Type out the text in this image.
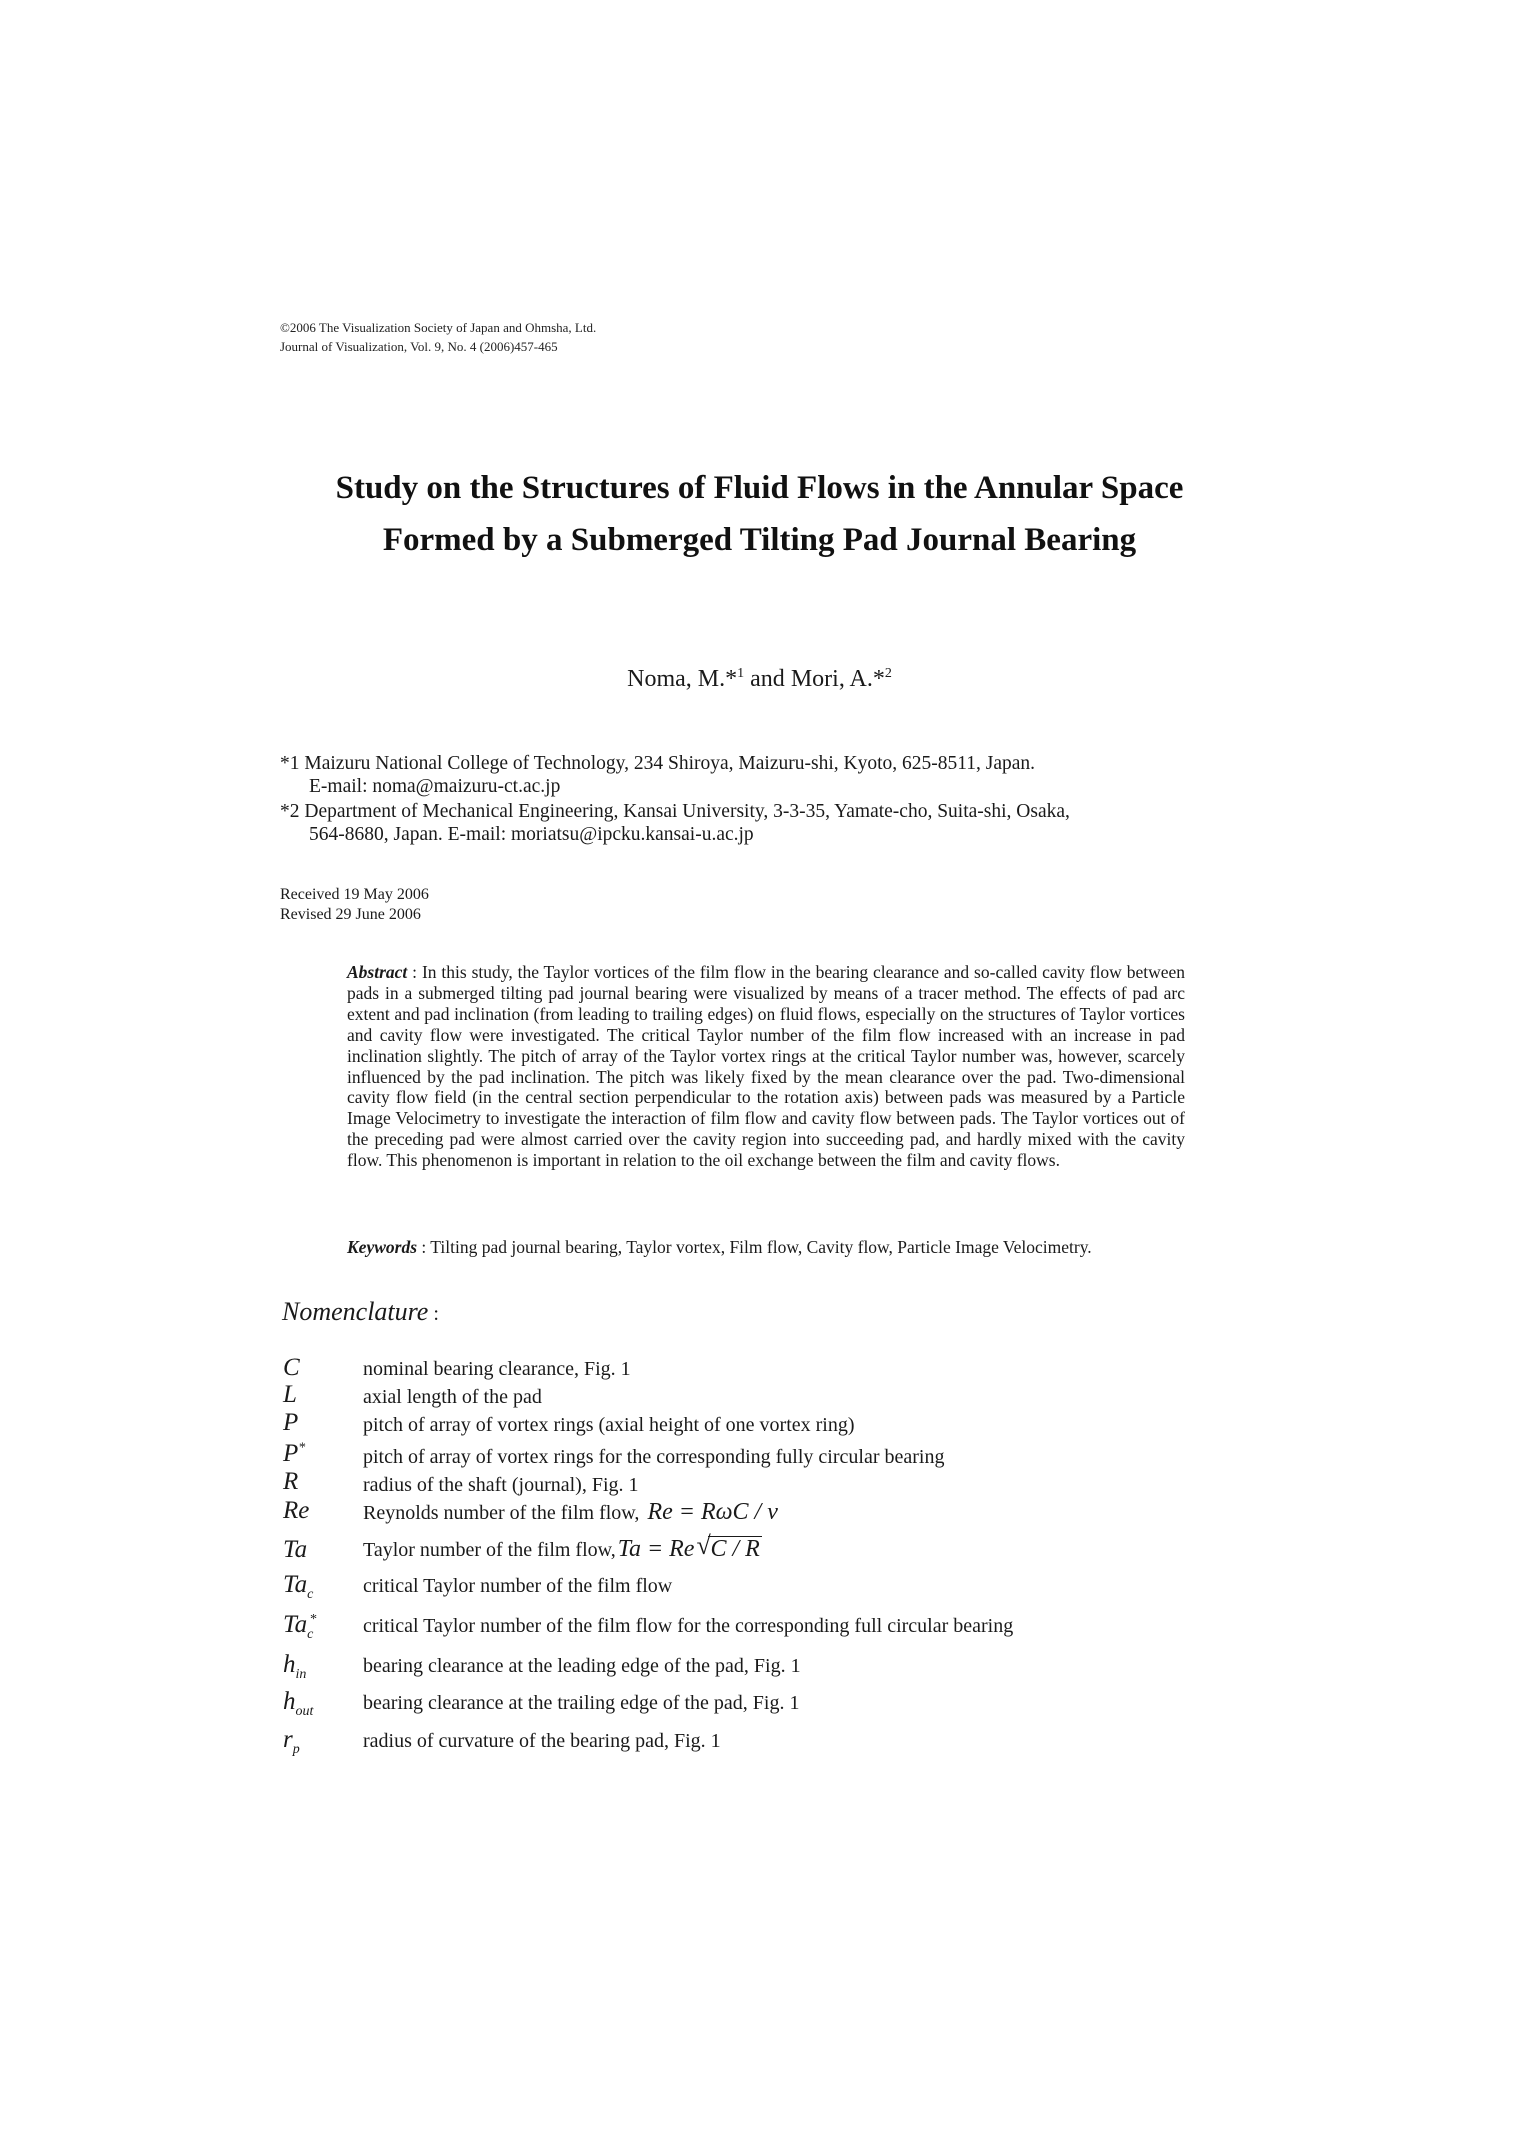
©2006 The Visualization Society of Japan and Ohmsha, Ltd.
Journal of Visualization, Vol. 9, No. 4 (2006)457-465
Study on the Structures of Fluid Flows in the Annular Space
Formed by a Submerged Tilting Pad Journal Bearing
Noma, M.*$^1$ and Mori, A.*$^2$
*1 Maizuru National College of Technology, 234 Shiroya, Maizuru-shi, Kyoto, 625-8511, Japan.
E-mail: noma@maizuru-ct.ac.jp
*2 Department of Mechanical Engineering, Kansai University, 3-3-35, Yamate-cho, Suita-shi, Osaka,
564-8680, Japan. E-mail: moriatsu@ipcku.kansai-u.ac.jp
Received 19 May 2006
Revised 29 June 2006
Abstract : In this study, the Taylor vortices of the film flow in the bearing clearance and so-called cavity flow between pads in a submerged tilting pad journal bearing were visualized by means of a tracer method. The effects of pad arc extent and pad inclination (from leading to trailing edges) on fluid flows, especially on the structures of Taylor vortices and cavity flow were investigated. The critical Taylor number of the film flow increased with an increase in pad inclination slightly. The pitch of array of the Taylor vortex rings at the critical Taylor number was, however, scarcely influenced by the pad inclination. The pitch was likely fixed by the mean clearance over the pad. Two-dimensional cavity flow field (in the central section perpendicular to the rotation axis) between pads was measured by a Particle Image Velocimetry to investigate the interaction of film flow and cavity flow between pads. The Taylor vortices out of the preceding pad were almost carried over the cavity region into succeeding pad, and hardly mixed with the cavity flow. This phenomenon is important in relation to the oil exchange between the film and cavity flows.
Keywords : Tilting pad journal bearing, Taylor vortex, Film flow, Cavity flow, Particle Image Velocimetry.
Nomenclature :
C	nominal bearing clearance, Fig. 1
L	axial length of the pad
P	pitch of array of vortex rings (axial height of one vortex ring)
P*	pitch of array of vortex rings for the corresponding fully circular bearing
R	radius of the shaft (journal), Fig. 1
Re	Reynolds number of the film flow, Re = RωC / ν
Ta	Taylor number of the film flow,Ta = Re √ C / R
$Ta_c$ critical Taylor number of the film flow
$Ta_c^*$ critical Taylor number of the film flow for the corresponding full circular bearing
$h_{in}$	bearing clearance at the leading edge of the pad, Fig. 1
$h_{out}$ bearing clearance at the trailing edge of the pad, Fig. 1
$r_p$	radius of curvature of the bearing pad, Fig. 1
